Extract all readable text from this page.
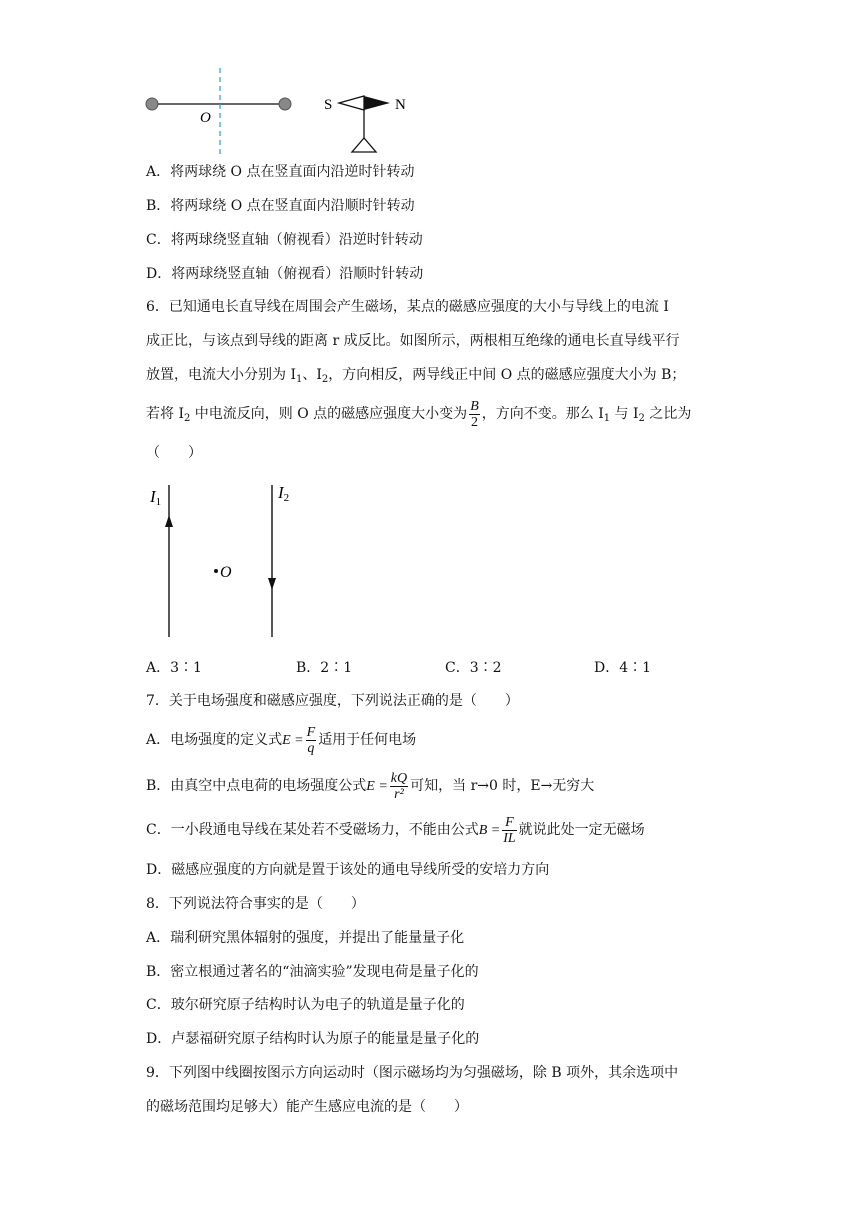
O
S	N
A．将两球绕 O 点在竖直面内沿逆时针转动
B．将两球绕 O 点在竖直面内沿顺时针转动
C．将两球绕竖直轴（俯视看）沿逆时针转动
D．将两球绕竖直轴（俯视看）沿顺时针转动
6．已知通电长直导线在周围会产生磁场，某点的磁感应强度的大小与导线上的电流 I
成正比，与该点到导线的距离 r 成反比。如图所示，两根相互绝缘的通电长直导线平行
放置，电流大小分别为 $I_1$、$I_2$，方向相反，两导线正中间 O 点的磁感应强度大小为 B；
若将 $I_2$ 中电流反向，则 O 点的磁感应强度大小变为 $\frac{B}{2}$ ，方向不变。那么 $I_1$ 与 $I_2$ 之比为
（　　）
I1	I2
O
A．3∶1	B．2∶1	C．3∶2	D．4∶1
7．关于电场强度和磁感应强度，下列说法正确的是（　　）
A．电场强度的定义式$E = \frac{F}{q}$ 适用于任何电场
B．由真空中点电荷的电场强度公式$E = \frac{kQ}{\text{r²}}$ 可知，当 r→0 时，E→无穷大
C．一小段通电导线在某处若不受磁场力，不能由公式$B = \frac{F}{IL}$ 就说此处一定无磁场
D．磁感应强度的方向就是置于该处的通电导线所受的安培力方向
8．下列说法符合事实的是（　　）
A．瑞利研究黑体辐射的强度，并提出了能量量子化
B．密立根通过著名的“油滴实验”发现电荷是量子化的
C．玻尔研究原子结构时认为电子的轨道是量子化的
D．卢瑟福研究原子结构时认为原子的能量是量子化的
9．下列图中线圈按图示方向运动时（图示磁场均为匀强磁场，除 B 项外，其余选项中
的磁场范围均足够大）能产生感应电流的是（　　）
